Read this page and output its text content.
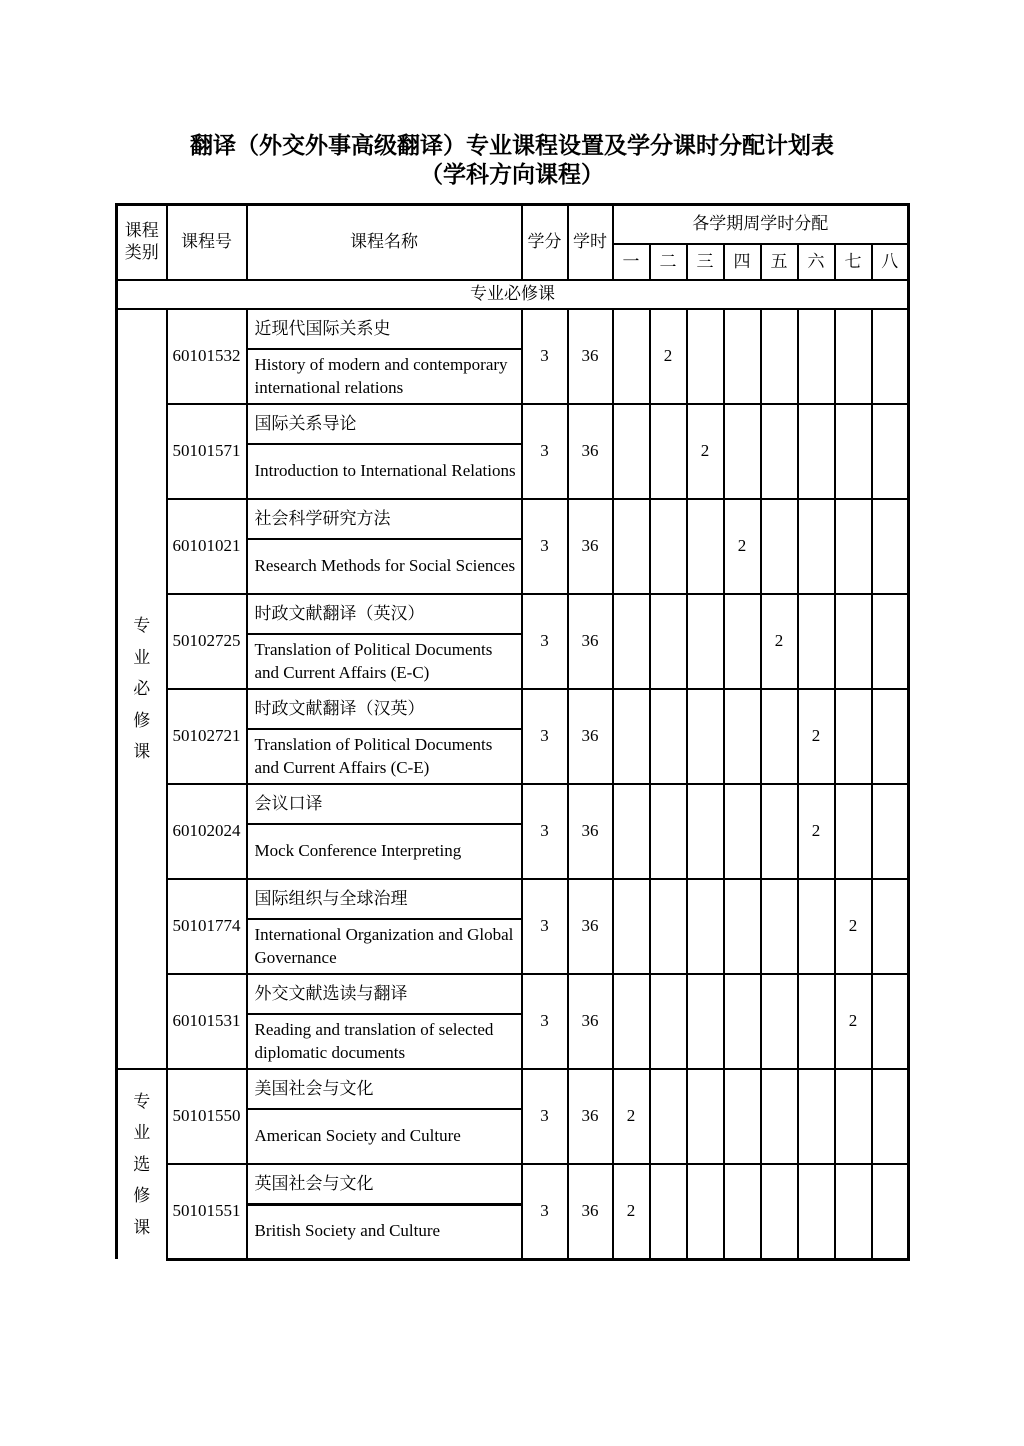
翻译（外交外事高级翻译）专业课程设置及学分课时分配计划表
（学科方向课程）
课程类别	课程号	课程名称	学分	学时	各学期周学时分配							
					一	二	三	四	五	六	七	八
专业必修课												

专业必修课	60101532	近现代国际关系史	3	36		2						
		History of modern and contemporary international relations										
	50101571	国际关系导论	3	36			2					
		Introduction to International Relations										
	60101021	社会科学研究方法	3	36				2				
		Research Methods for Social Sciences										
	50102725	时政文献翻译（英汉）	3	36					2			
		Translation of Political Documents and Current Affairs (E-C)										
	50102721	时政文献翻译（汉英）	3	36						2		
		Translation of Political Documents and Current Affairs (C-E)										
	60102024	会议口译	3	36						2		
		Mock Conference Interpreting										
	50101774	国际组织与全球治理	3	36							2	
		International Organization and Global Governance										
	60101531	外交文献选读与翻译	3	36							2	
		Reading and translation of selected diplomatic documents										

专业选修课	50101550	美国社会与文化	3	36	2							
		American Society and Culture										
	50101551	英国社会与文化	3	36	2							
		British Society and Culture										
